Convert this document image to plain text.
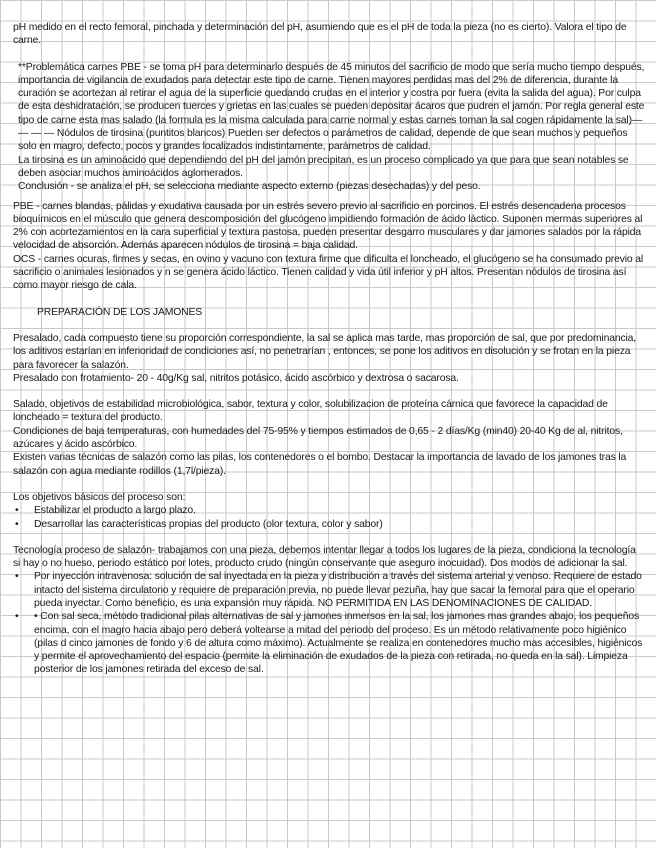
pH medido en el recto femoral, pinchada y determinación del pH, asumiendo que es el pH de toda la pieza (no es cierto). Valora el tipo de carne.

**Problemática carnes PBE - se toma pH para determinarlo después de 45 minutos del sacrificio de modo que sería mucho tiempo después, importancia de vigilancia de exudados para detectar este tipo de carne. Tienen mayores perdidas mas del 2% de diferencia, durante la curación se acortezan al retirar el agua de la superficie quedando crudas en el interior y costra por fuera (evita la salida del agua). Por culpa de esta deshidratación, se producen tuerces y grietas en las cuales se pueden depositar ácaros que pudren el jamón. Por regla general este tipo de carne esta mas salado (la formula es la misma calculada para carne normal y estas carnes toman la sal cogen rápidamente la sal)— — — — Nódulos de tirosina (puntitos blancos) Pueden ser defectos o parámetros de calidad, depende de que sean muchos y pequeños solo en magro, defecto, pocos y grandes localizados indistintamente, parámetros de calidad.

La tirosina es un aminoácido que dependiendo del pH del jamón precipitan, es un proceso complicado ya que para que sean notables se deben asociar muchos aminoácidos aglomerados.

Conclusión - se analiza el pH, se selecciona mediante aspecto externo (piezas desechadas) y del peso.

PBE - carnes blandas, pálidas y exudativa causada por un estrés severo previo al sacrificio en porcinos. El estrés desencadena procesos bioquímicos en el músculo que genera descomposición del glucógeno impidiendo formación de ácido láctico. Suponen mermas superiores al 2% con acortezamientos en la cara superficial y textura pastosa, pueden presentar desgarro musculares y dar jamones salados por la rápida velocidad de absorción. Además aparecen nódulos de tirosina = baja calidad.

OCS - carnes ocuras, firmes y secas, en ovino y vacuno con textura firme que dificulta el loncheado, el glucógeno se ha consumado previo al sacrificio o animales lesionados y n se genera ácido láctico. Tienen calidad y vida útil inferior y pH altos. Presentan nódulos de tirosina así como mayor riesgo de cala.

PREPARACIÓN DE LOS JAMONES

Presalado, cada compuesto tiene su proporción correspondiente, la sal se aplica mas tarde, mas proporción de sal, que por predominancia, los aditivos estarían en inferioridad de condiciones así, no penetrarían , entonces, se pone los aditivos en disolución y se frotan en la pieza para favorecer la salazón.

Presalado con frotamiento- 20 - 40g/Kg sal, nitritos potásico, ácido ascórbico y dextrosa o sacarosa.

Salado, objetivos de estabilidad microbiológica, sabor, textura y color, solubilizacion de proteína cárnica que favorece la capacidad de loncheado = textura del producto.

Condiciones de baja temperaturas, con humedades del 75-95% y tiempos estimados de 0,65 - 2 días/Kg (min40) 20-40 Kg de al, nitritos, azúcares y ácido ascórbico.

Existen varias técnicas de salazón como las pilas, los contenedores o el bombo. Destacar la importancia de lavado de los jamones tras la salazón con agua mediante rodillos (1,7l/pieza).

Los objetivos básicos del proceso son:

• Estabilizar el producto a largo plazo.
• Desarrollar las características propias del producto (olor textura, color y sabor)

Tecnología proceso de salazón- trabajamos con una pieza, debemos intentar llegar a todos los lugares de la pieza, condiciona la tecnología si hay o no hueso, periodo estático por lotes, producto crudo (ningún conservante que aseguro inocuidad). Dos modos de adicionar la sal.

• Por inyección intravenosa: solución de sal inyectada en la pieza y distribución a través del sistema arterial y venoso. Requiere de estado intacto del sistema circulatorio y requiere de preparación previa, no puede llevar pezuña, hay que sacar la femoral para que el operario pueda inyectar. Como beneficio, es una expansión muy rápida. NO PERMITIDA EN LAS DENOMINACIONES DE CALIDAD.
• • Con sal seca, método tradicional pilas alternativas de sal y jamones inmersos en la sal, los jamones mas grandes abajo, los pequeños encima, con el magro hacia abajo pero deberá voltearse a mitad del periodo del proceso. Es un método relativamente poco higiénico (pilas d cinco jamones de fondo y 6 de altura como máximo). Actualmente se realiza en contenedores mucho mas accesibles, higiénicos y permite el aprovechamiento del espacio (permite la eliminación de exudados de la pieza con retirada, no queda en la sal). Limpieza posterior de los jamones retirada del exceso de sal.
